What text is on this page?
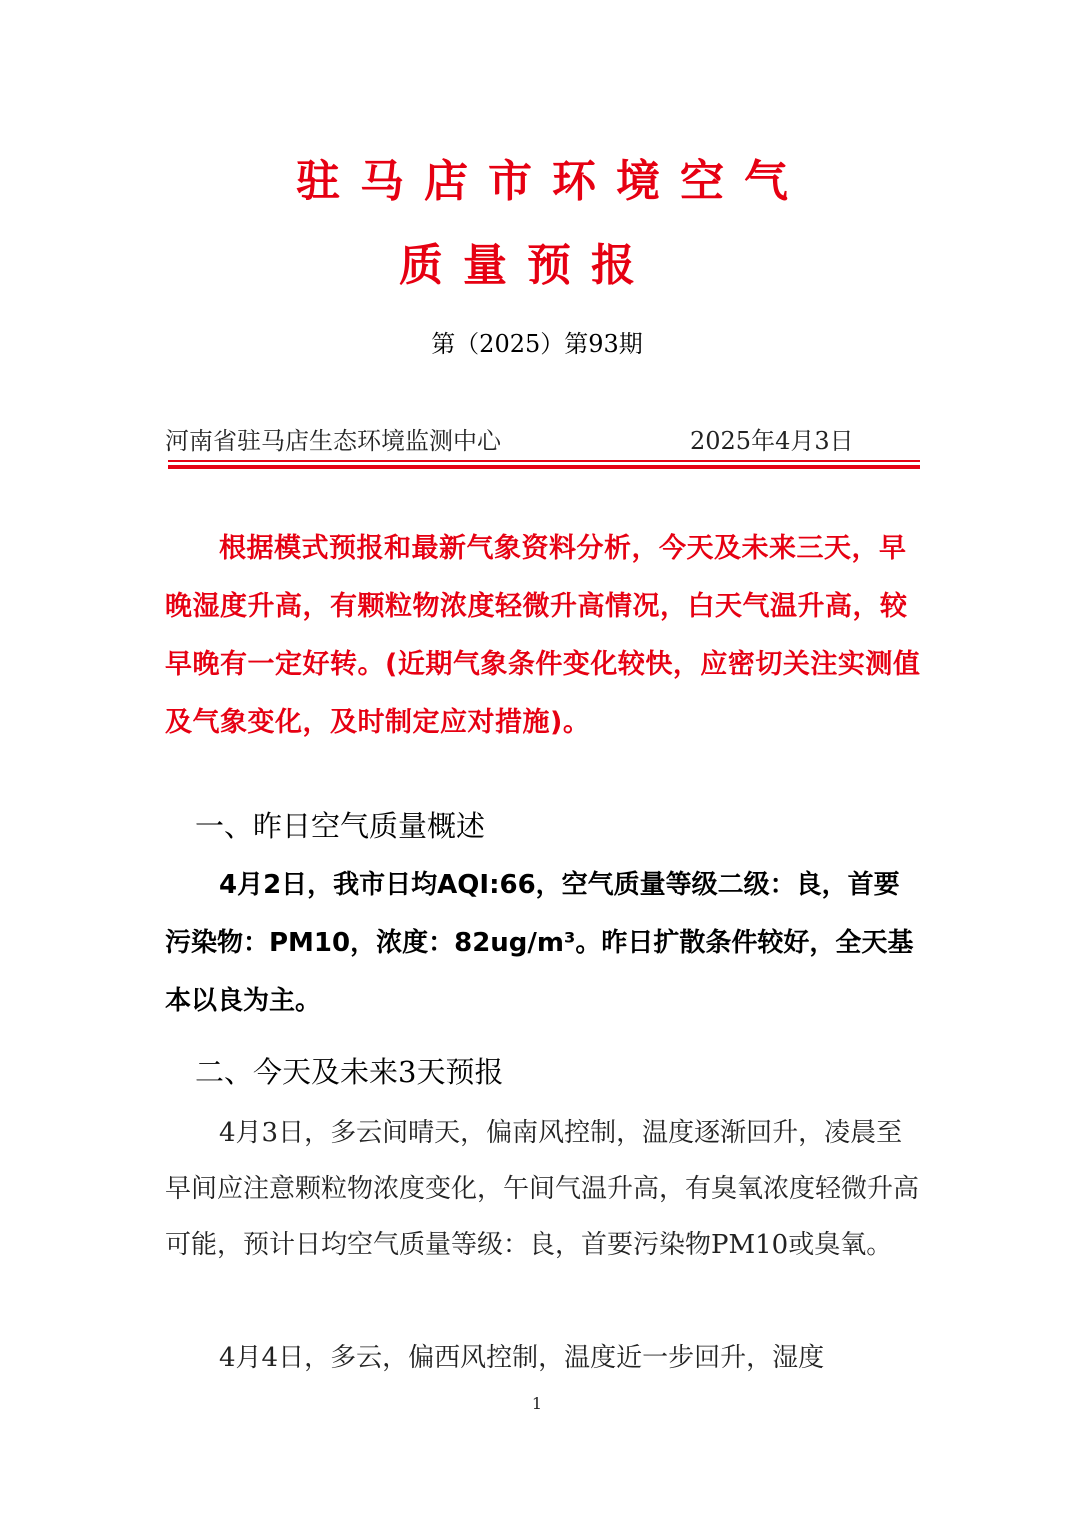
驻马店市环境空气
质量预报
第（2025）第93期
河南省驻马店生态环境监测中心	2025年4月3日
根据模式预报和最新气象资料分析，今天及未来三天，早晚湿度升高，有颗粒物浓度轻微升高情况，白天气温升高，较早晚有一定好转。(近期气象条件变化较快，应密切关注实测值及气象变化，及时制定应对措施)。
一、昨日空气质量概述
4月2日，我市日均AQI:66，空气质量等级二级：良，首要污染物：PM10，浓度：82ug/m³。昨日扩散条件较好，全天基本以良为主。
二、今天及未来3天预报
4月3日，多云间晴天，偏南风控制，温度逐渐回升，凌晨至早间应注意颗粒物浓度变化，午间气温升高，有臭氧浓度轻微升高可能，预计日均空气质量等级：良，首要污染物PM10或臭氧。
4月4日，多云，偏西风控制，温度近一步回升，湿度
1
